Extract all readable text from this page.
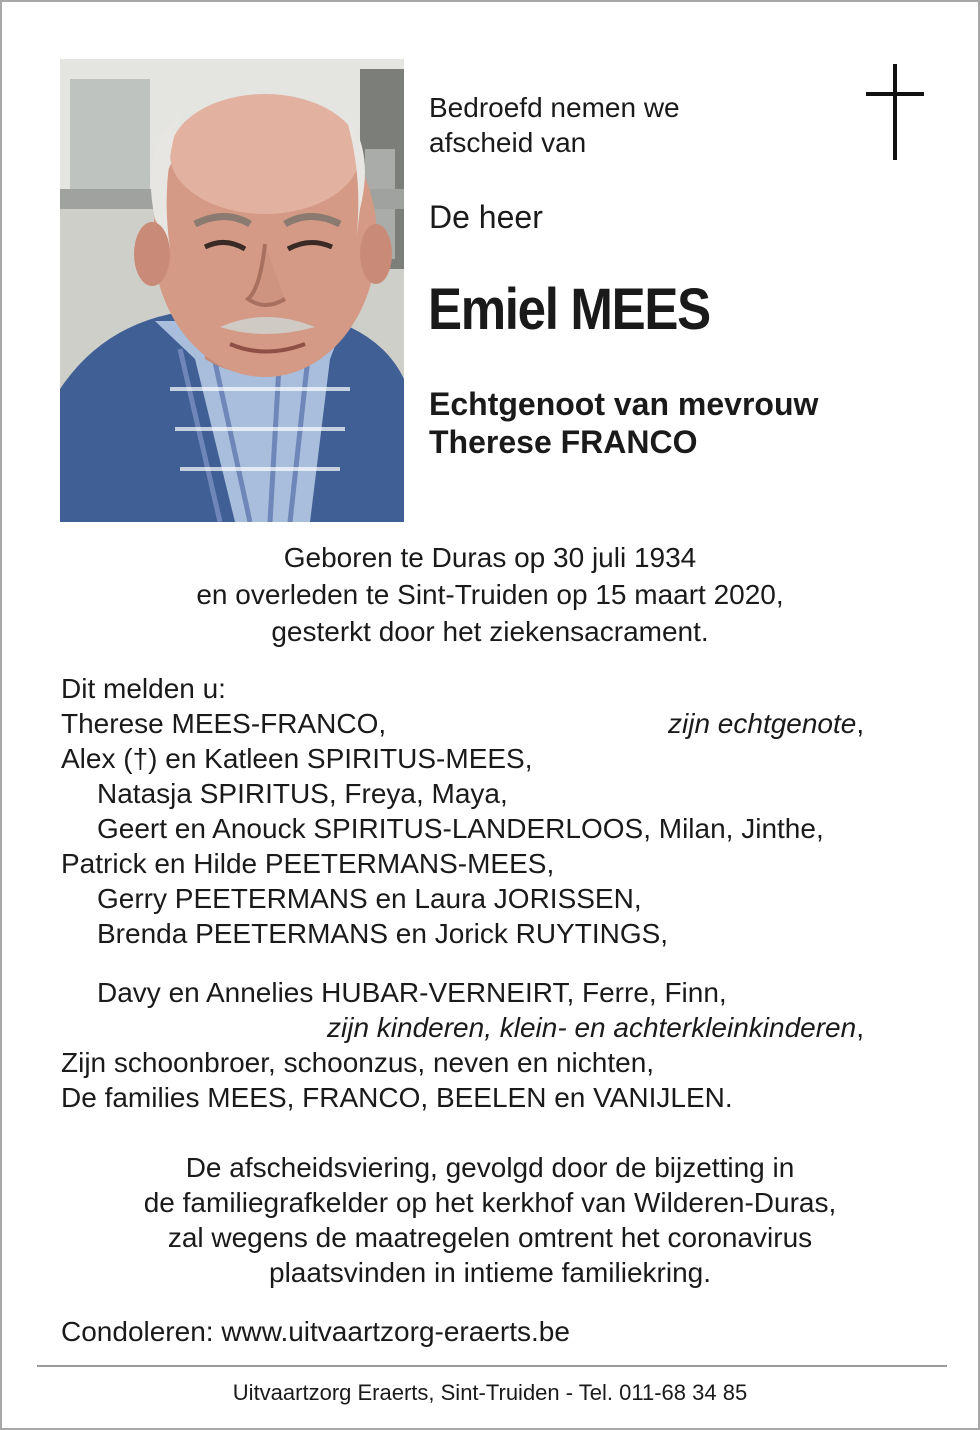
Bedroefd nemen we
afscheid van
De heer
Emiel MEES
Echtgenoot van mevrouw
Therese FRANCO
Geboren te Duras op 30 juli 1934
en overleden te Sint-Truiden op 15 maart 2020,
gesterkt door het ziekensacrament.
Dit melden u:
Therese MEES-FRANCO,	zijn echtgenote,
Alex (†) en Katleen SPIRITUS-MEES,
Natasja SPIRITUS, Freya, Maya,
Geert en Anouck SPIRITUS-LANDERLOOS, Milan, Jinthe,
Patrick en Hilde PEETERMANS-MEES,
Gerry PEETERMANS en Laura JORISSEN,
Brenda PEETERMANS en Jorick RUYTINGS,
Davy en Annelies HUBAR-VERNEIRT, Ferre, Finn,
zijn kinderen, klein- en achterkleinkinderen,
Zijn schoonbroer, schoonzus, neven en nichten,
De families MEES, FRANCO, BEELEN en VANIJLEN.
De afscheidsviering, gevolgd door de bijzetting in
de familiegrafkelder op het kerkhof van Wilderen-Duras,
zal wegens de maatregelen omtrent het coronavirus
plaatsvinden in intieme familiekring.
Condoleren: www.uitvaartzorg-eraerts.be
Uitvaartzorg Eraerts, Sint-Truiden - Tel. 011-68 34 85
